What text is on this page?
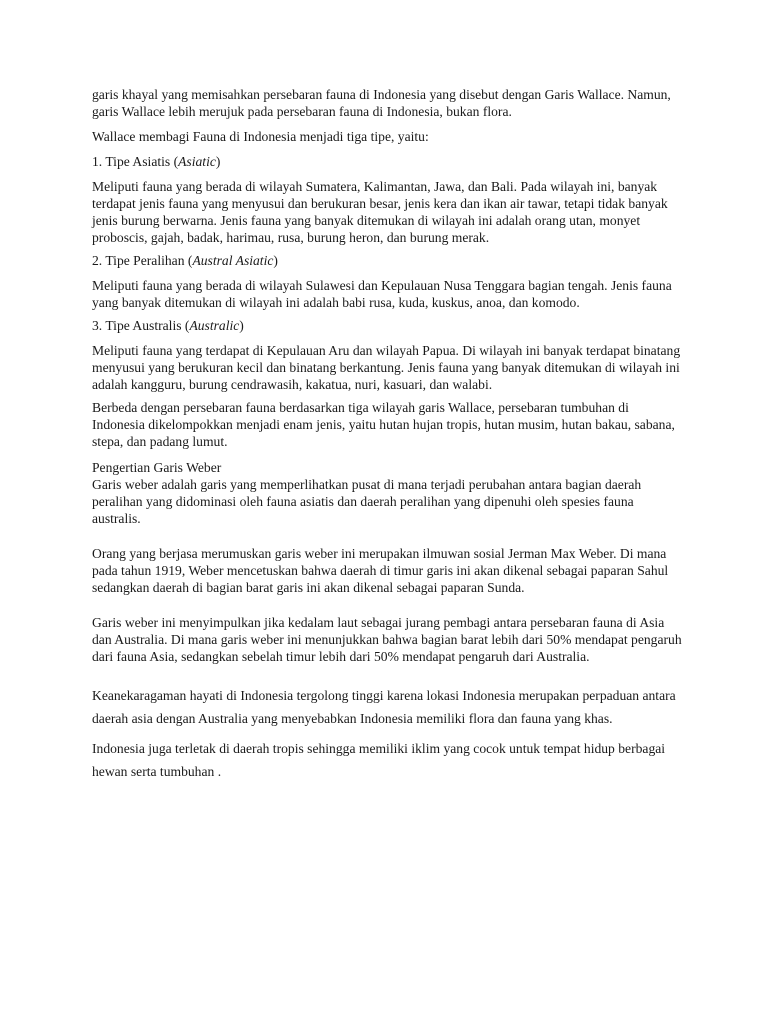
garis khayal yang memisahkan persebaran fauna di Indonesia yang disebut dengan Garis Wallace. Namun, garis Wallace lebih merujuk pada persebaran fauna di Indonesia, bukan flora.

Wallace membagi Fauna di Indonesia menjadi tiga tipe, yaitu:

1. Tipe Asiatis (Asiatic)

Meliputi fauna yang berada di wilayah Sumatera, Kalimantan, Jawa, dan Bali. Pada wilayah ini, banyak terdapat jenis fauna yang menyusui dan berukuran besar, jenis kera dan ikan air tawar, tetapi tidak banyak jenis burung berwarna. Jenis fauna yang banyak ditemukan di wilayah ini adalah orang utan, monyet proboscis, gajah, badak, harimau, rusa, burung heron, dan burung merak.

2. Tipe Peralihan (Austral Asiatic)

Meliputi fauna yang berada di wilayah Sulawesi dan Kepulauan Nusa Tenggara bagian tengah. Jenis fauna yang banyak ditemukan di wilayah ini adalah babi rusa, kuda, kuskus, anoa, dan komodo.

3. Tipe Australis (Australic)

Meliputi fauna yang terdapat di Kepulauan Aru dan wilayah Papua. Di wilayah ini banyak terdapat binatang menyusui yang berukuran kecil dan binatang berkantung. Jenis fauna yang banyak ditemukan di wilayah ini adalah kangguru, burung cendrawasih, kakatua, nuri, kasuari, dan walabi.

Berbeda dengan persebaran fauna berdasarkan tiga wilayah garis Wallace, persebaran tumbuhan di Indonesia dikelompokkan menjadi enam jenis, yaitu hutan hujan tropis, hutan musim, hutan bakau, sabana, stepa, dan padang lumut.

Pengertian Garis Weber

Garis weber adalah garis yang memperlihatkan pusat di mana terjadi perubahan antara bagian daerah peralihan yang didominasi oleh fauna asiatis dan daerah peralihan yang dipenuhi oleh spesies fauna australis.

Orang yang berjasa merumuskan garis weber ini merupakan ilmuwan sosial Jerman Max Weber. Di mana pada tahun 1919, Weber mencetuskan bahwa daerah di timur garis ini akan dikenal sebagai paparan Sahul sedangkan daerah di bagian barat garis ini akan dikenal sebagai paparan Sunda.

Garis weber ini menyimpulkan jika kedalam laut sebagai jurang pembagi antara persebaran fauna di Asia dan Australia. Di mana garis weber ini menunjukkan bahwa bagian barat lebih dari 50% mendapat pengaruh dari fauna Asia, sedangkan sebelah timur lebih dari 50% mendapat pengaruh dari Australia.

Keanekaragaman hayati di Indonesia tergolong tinggi karena lokasi Indonesia merupakan perpaduan antara daerah asia dengan Australia yang menyebabkan Indonesia memiliki flora dan fauna yang khas.

Indonesia juga terletak di daerah tropis sehingga memiliki iklim yang cocok untuk tempat hidup berbagai hewan serta tumbuhan .
